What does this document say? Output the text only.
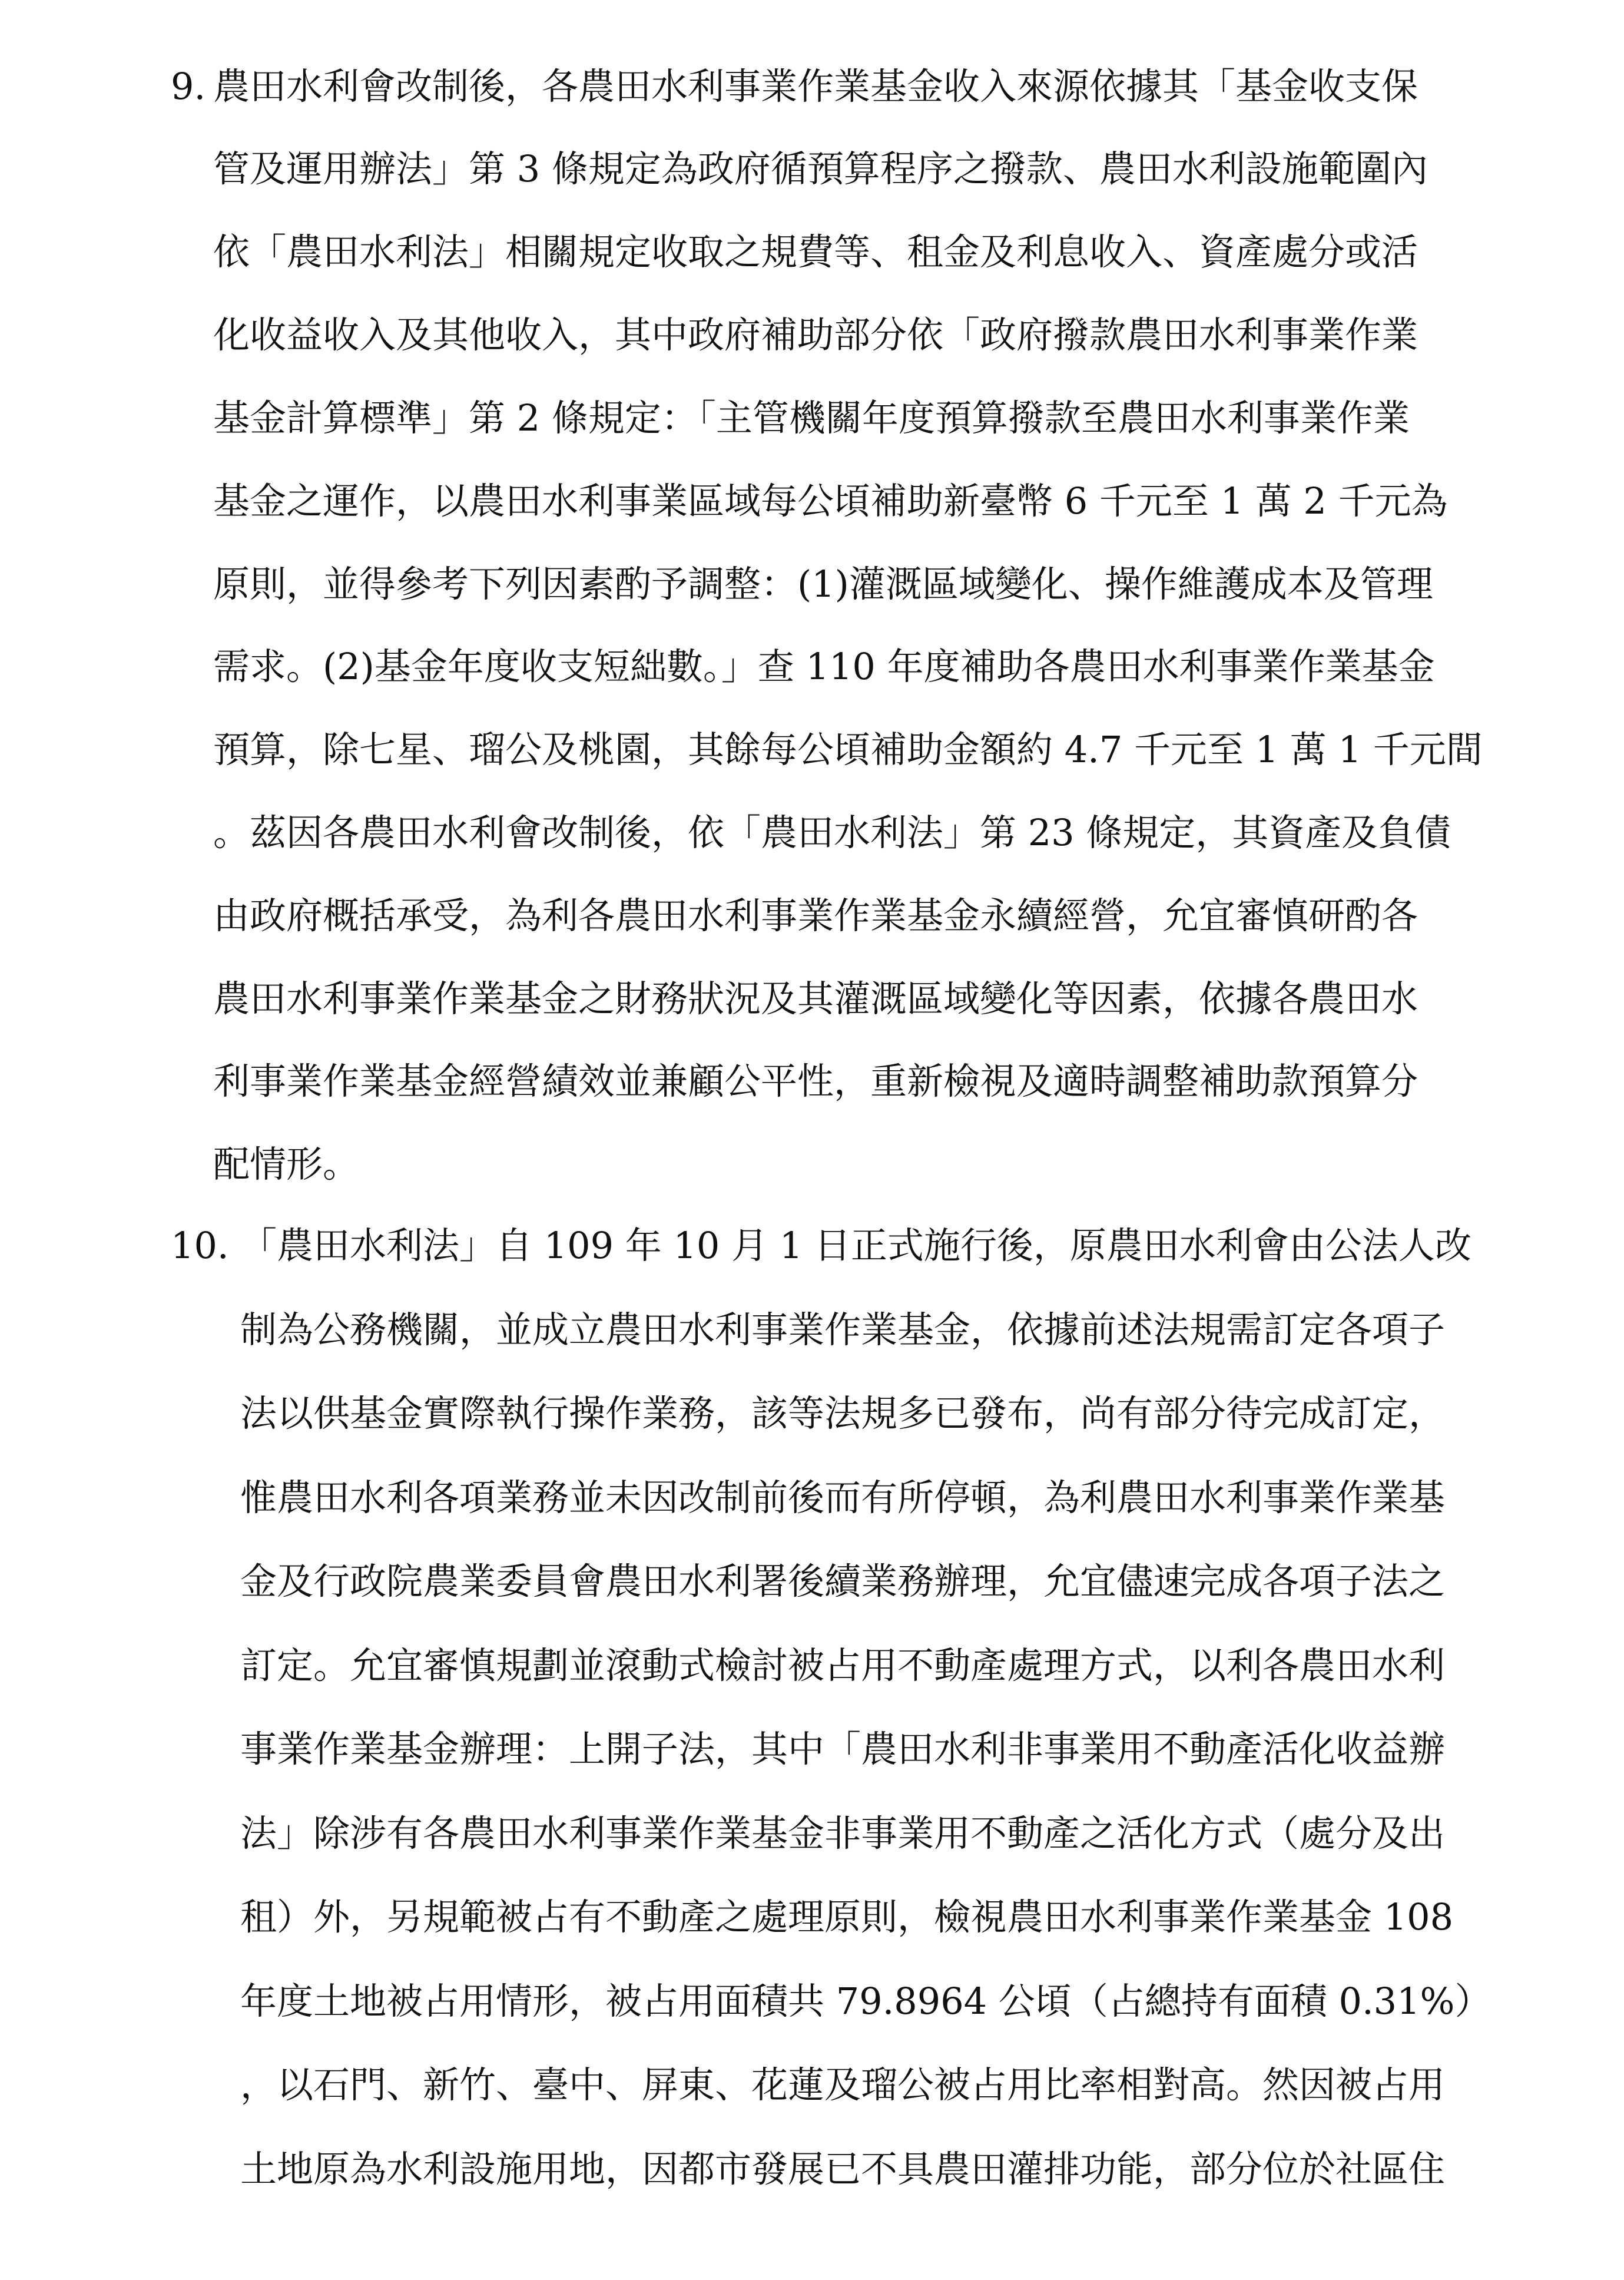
9. 農田水利會改制後，各農田水利事業作業基金收入來源依據其「基金收支保
管及運用辦法」第 3 條規定為政府循預算程序之撥款、農田水利設施範圍內
依「農田水利法」相關規定收取之規費等、租金及利息收入、資產處分或活
化收益收入及其他收入，其中政府補助部分依「政府撥款農田水利事業作業
基金計算標準」第 2 條規定：「主管機關年度預算撥款至農田水利事業作業
基金之運作，以農田水利事業區域每公頃補助新臺幣 6 千元至 1 萬 2 千元為
原則，並得參考下列因素酌予調整：(1)灌溉區域變化、操作維護成本及管理
需求。(2)基金年度收支短絀數。」查 110 年度補助各農田水利事業作業基金
預算，除七星、瑠公及桃園，其餘每公頃補助金額約 4.7 千元至 1 萬 1 千元間
。茲因各農田水利會改制後，依「農田水利法」第 23 條規定，其資產及負債
由政府概括承受，為利各農田水利事業作業基金永續經營，允宜審慎研酌各
農田水利事業作業基金之財務狀況及其灌溉區域變化等因素，依據各農田水
利事業作業基金經營績效並兼顧公平性，重新檢視及適時調整補助款預算分
配情形。
10. 「農田水利法」自 109 年 10 月 1 日正式施行後，原農田水利會由公法人改
制為公務機關，並成立農田水利事業作業基金，依據前述法規需訂定各項子
法以供基金實際執行操作業務，該等法規多已發布，尚有部分待完成訂定，
惟農田水利各項業務並未因改制前後而有所停頓，為利農田水利事業作業基
金及行政院農業委員會農田水利署後續業務辦理，允宜儘速完成各項子法之
訂定。允宜審慎規劃並滾動式檢討被占用不動產處理方式，以利各農田水利
事業作業基金辦理：上開子法，其中「農田水利非事業用不動產活化收益辦
法」除涉有各農田水利事業作業基金非事業用不動產之活化方式（處分及出
租）外，另規範被占有不動產之處理原則，檢視農田水利事業作業基金 108
年度土地被占用情形，被占用面積共 79.8964 公頃（占總持有面積 0.31%）
，以石門、新竹、臺中、屏東、花蓮及瑠公被占用比率相對高。然因被占用
土地原為水利設施用地，因都市發展已不具農田灌排功能，部分位於社區住
